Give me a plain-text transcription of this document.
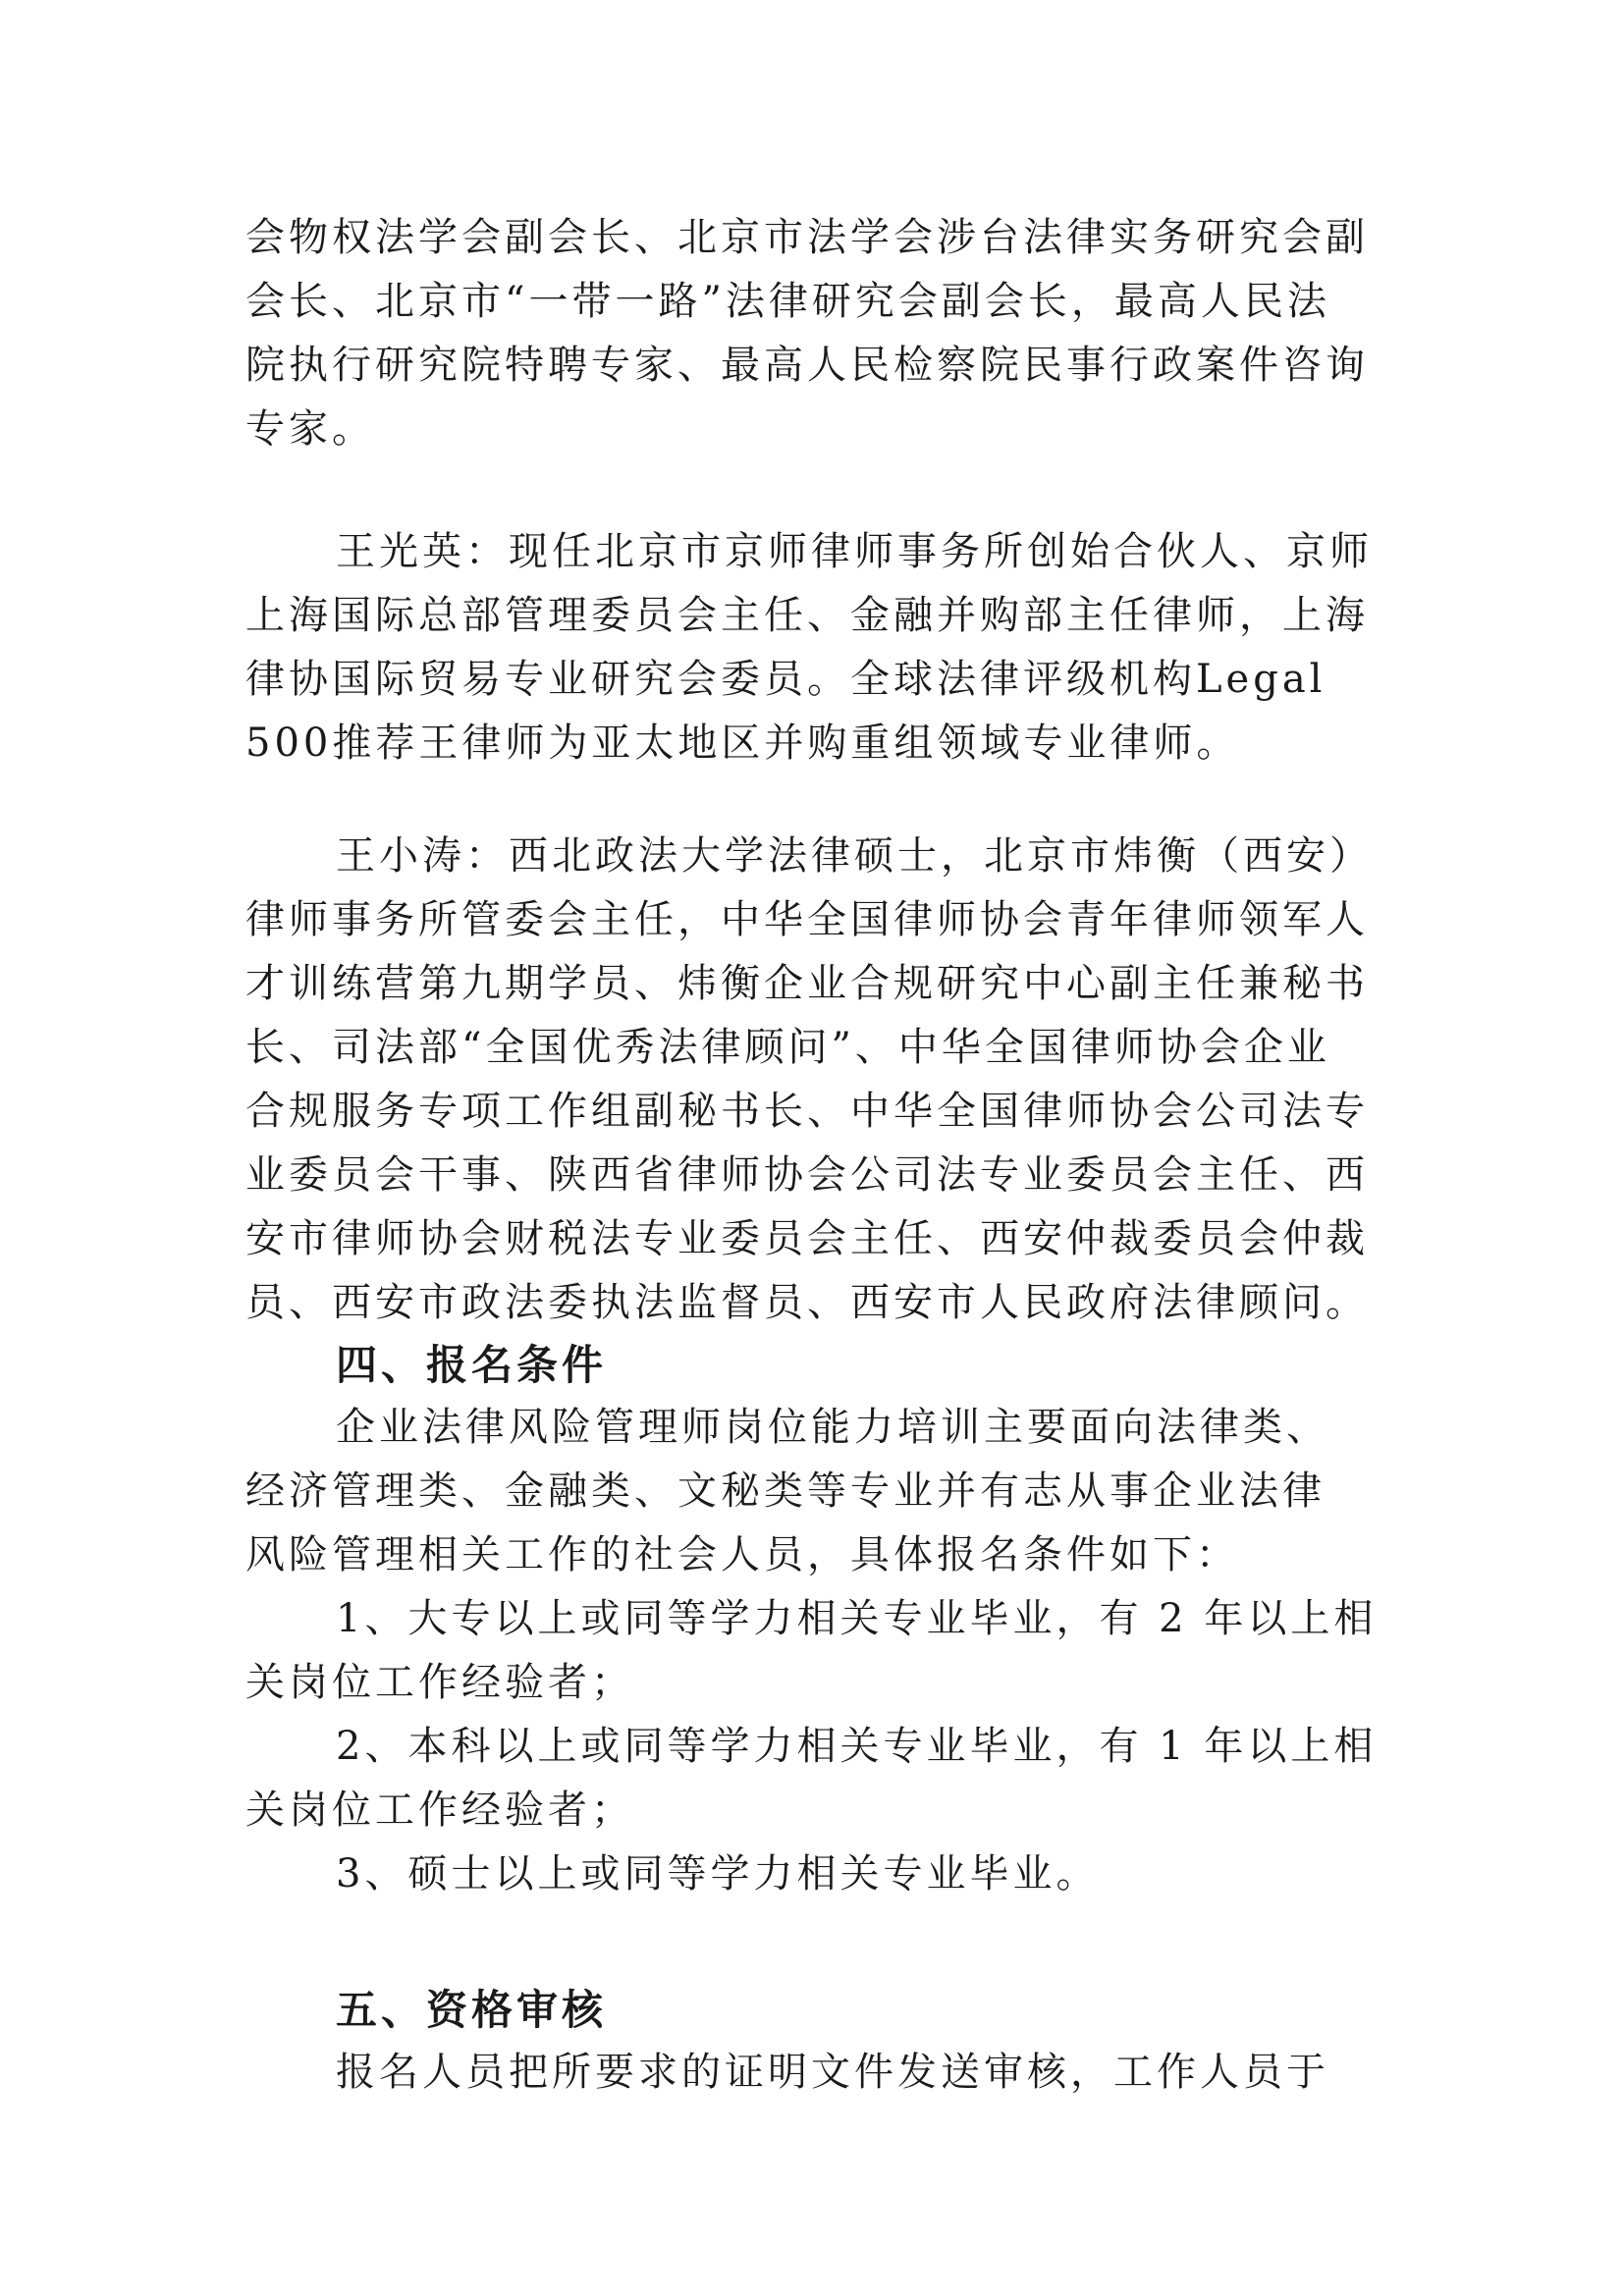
会物权法学会副会长、北京市法学会涉台法律实务研究会副
会长、北京市“一带一路”法律研究会副会长，最高人民法
院执行研究院特聘专家、最高人民检察院民事行政案件咨询
专家。
王光英：现任北京市京师律师事务所创始合伙人、京师
上海国际总部管理委员会主任、金融并购部主任律师，上海
律协国际贸易专业研究会委员。全球法律评级机构Legal
500推荐王律师为亚太地区并购重组领域专业律师。
王小涛：西北政法大学法律硕士，北京市炜衡（西安）
律师事务所管委会主任，中华全国律师协会青年律师领军人
才训练营第九期学员、炜衡企业合规研究中心副主任兼秘书
长、司法部“全国优秀法律顾问”、中华全国律师协会企业
合规服务专项工作组副秘书长、中华全国律师协会公司法专
业委员会干事、陕西省律师协会公司法专业委员会主任、西
安市律师协会财税法专业委员会主任、西安仲裁委员会仲裁
员、西安市政法委执法监督员、西安市人民政府法律顾问。
四、报名条件
企业法律风险管理师岗位能力培训主要面向法律类、
经济管理类、金融类、文秘类等专业并有志从事企业法律
风险管理相关工作的社会人员，具体报名条件如下：
1、大专以上或同等学力相关专业毕业，有 2 年以上相
关岗位工作经验者；
2、本科以上或同等学力相关专业毕业，有 1 年以上相
关岗位工作经验者；
3、硕士以上或同等学力相关专业毕业。
五、资格审核
报名人员把所要求的证明文件发送审核，工作人员于
